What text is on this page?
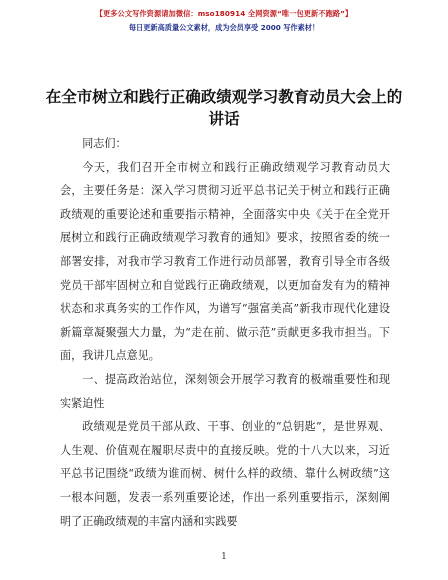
【更多公文写作资源请加微信：mso180914 全网资源“唯一包更新不跑路”】
每日更新高质量公文素材，成为会员享受 2000 写作素材！
在全市树立和践行正确政绩观学习教育动员大会上的讲话

同志们：

今天，我们召开全市树立和践行正确政绩观学习教育动员大会，主要任务是：深入学习贯彻习近平总书记关于树立和践行正确政绩观的重要论述和重要指示精神，全面落实中央《关于在全党开展树立和践行正确政绩观学习教育的通知》要求，按照省委的统一部署安排，对我市学习教育工作进行动员部署，教育引导全市各级党员干部牢固树立和自觉践行正确政绩观，以更加奋发有为的精神状态和求真务实的工作作风，为谱写“强富美高”新我市现代化建设新篇章凝聚强大力量，为“走在前、做示范”贡献更多我市担当。下面，我讲几点意见。

一、提高政治站位，深刻领会开展学习教育的极端重要性和现实紧迫性

政绩观是党员干部从政、干事、创业的“总钥匙”，是世界观、人生观、价值观在履职尽责中的直接反映。党的十八大以来，习近平总书记围绕“政绩为谁而树、树什么样的政绩、靠什么树政绩”这一根本问题，发表一系列重要论述，作出一系列重要指示，深刻阐明了正确政绩观的丰富内涵和实践要

1
